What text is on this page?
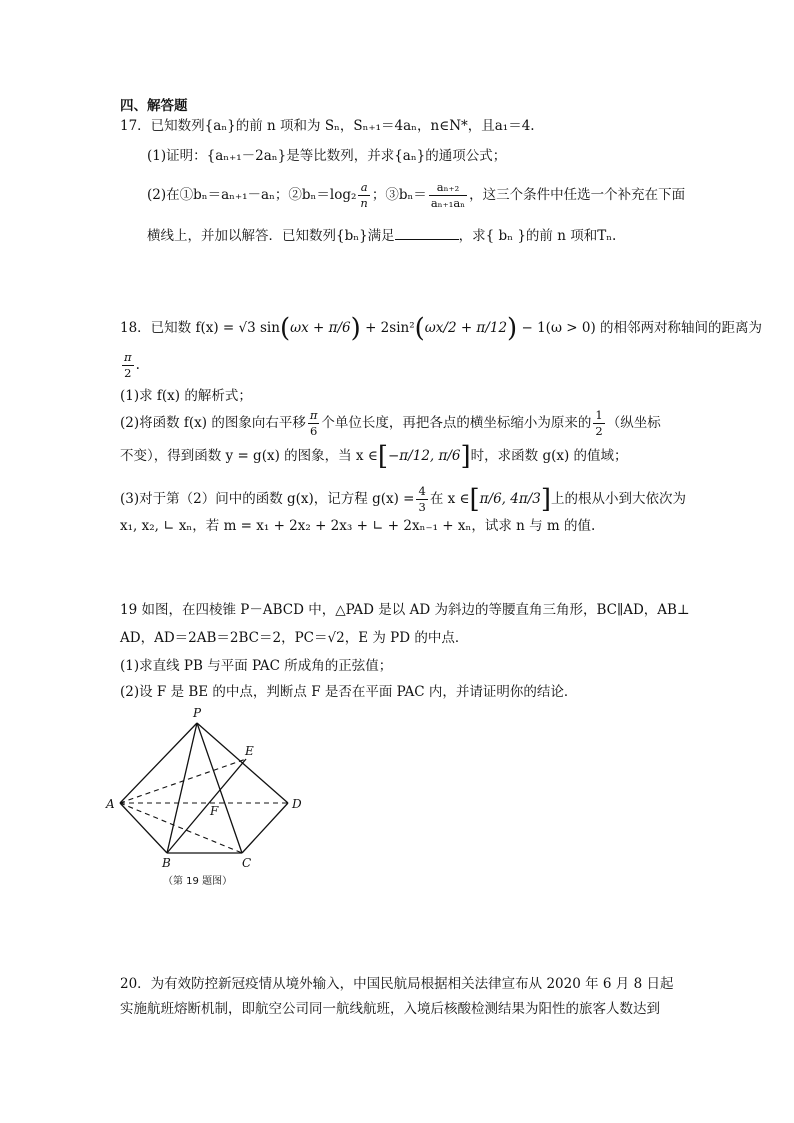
四、解答题
17．已知数列{aₙ}的前 n 项和为 Sₙ，Sₙ₊₁＝4aₙ，n∈N*，且a₁＝4.
(1)证明：{aₙ₊₁－2aₙ}是等比数列，并求{aₙ}的通项公式；
(2)在①bₙ＝aₙ₊₁－aₙ；②bₙ＝log₂ $\frac{a}{n}$ ；③bₙ＝ $\frac{\text{aₙ₊₂}}{\text{aₙ₊₁aₙ}}$ ，这三个条件中任选一个补充在下面
横线上，并加以解答．已知数列{bₙ}满足	，求{ bₙ }的前 n 项和Tₙ.
18．已知数 f(x) = √3 sin(ωx + π/6) + 2sin²(ωx/2 + π/12) − 1(ω > 0) 的相邻两对称轴间的距离为
$\frac{\pi}{2}$ .
(1)求 f(x) 的解析式；
(2)将函数 f(x) 的图象向右平移 $\frac{\pi}{6}$ 个单位长度，再把各点的横坐标缩小为原来的 $\frac{1}{2}$ （纵坐标
不变），得到函数 y = g(x) 的图象，当 x ∈[−π/12, π/6]时，求函数 g(x) 的值域；
(3)对于第（2）问中的函数 g(x)，记方程 $g(x) = \frac{4}{3}$ 在 x ∈[π/6, 4π/3]上的根从小到大依次为
x₁, x₂, ∟ xₙ，若 m = x₁ + 2x₂ + 2x₃ + ∟ + 2xₙ₋₁ + xₙ，试求 n 与 m 的值.
19 如图，在四棱锥 P－ABCD 中，△PAD 是以 AD 为斜边的等腰直角三角形，BC∥AD，AB⊥
AD，AD＝2AB＝2BC＝2，PC＝√2，E 为 PD 的中点．
(1)求直线 PB 与平面 PAC 所成角的正弦值；
(2)设 F 是 BE 的中点，判断点 F 是否在平面 PAC 内，并请证明你的结论．
P
A
B	C
D
E
F
（第 19 题图）
20．为有效防控新冠疫情从境外输入，中国民航局根据相关法律宣布从 2020 年 6 月 8 日起
实施航班熔断机制，即航空公司同一航线航班，入境后核酸检测结果为阳性的旅客人数达到
